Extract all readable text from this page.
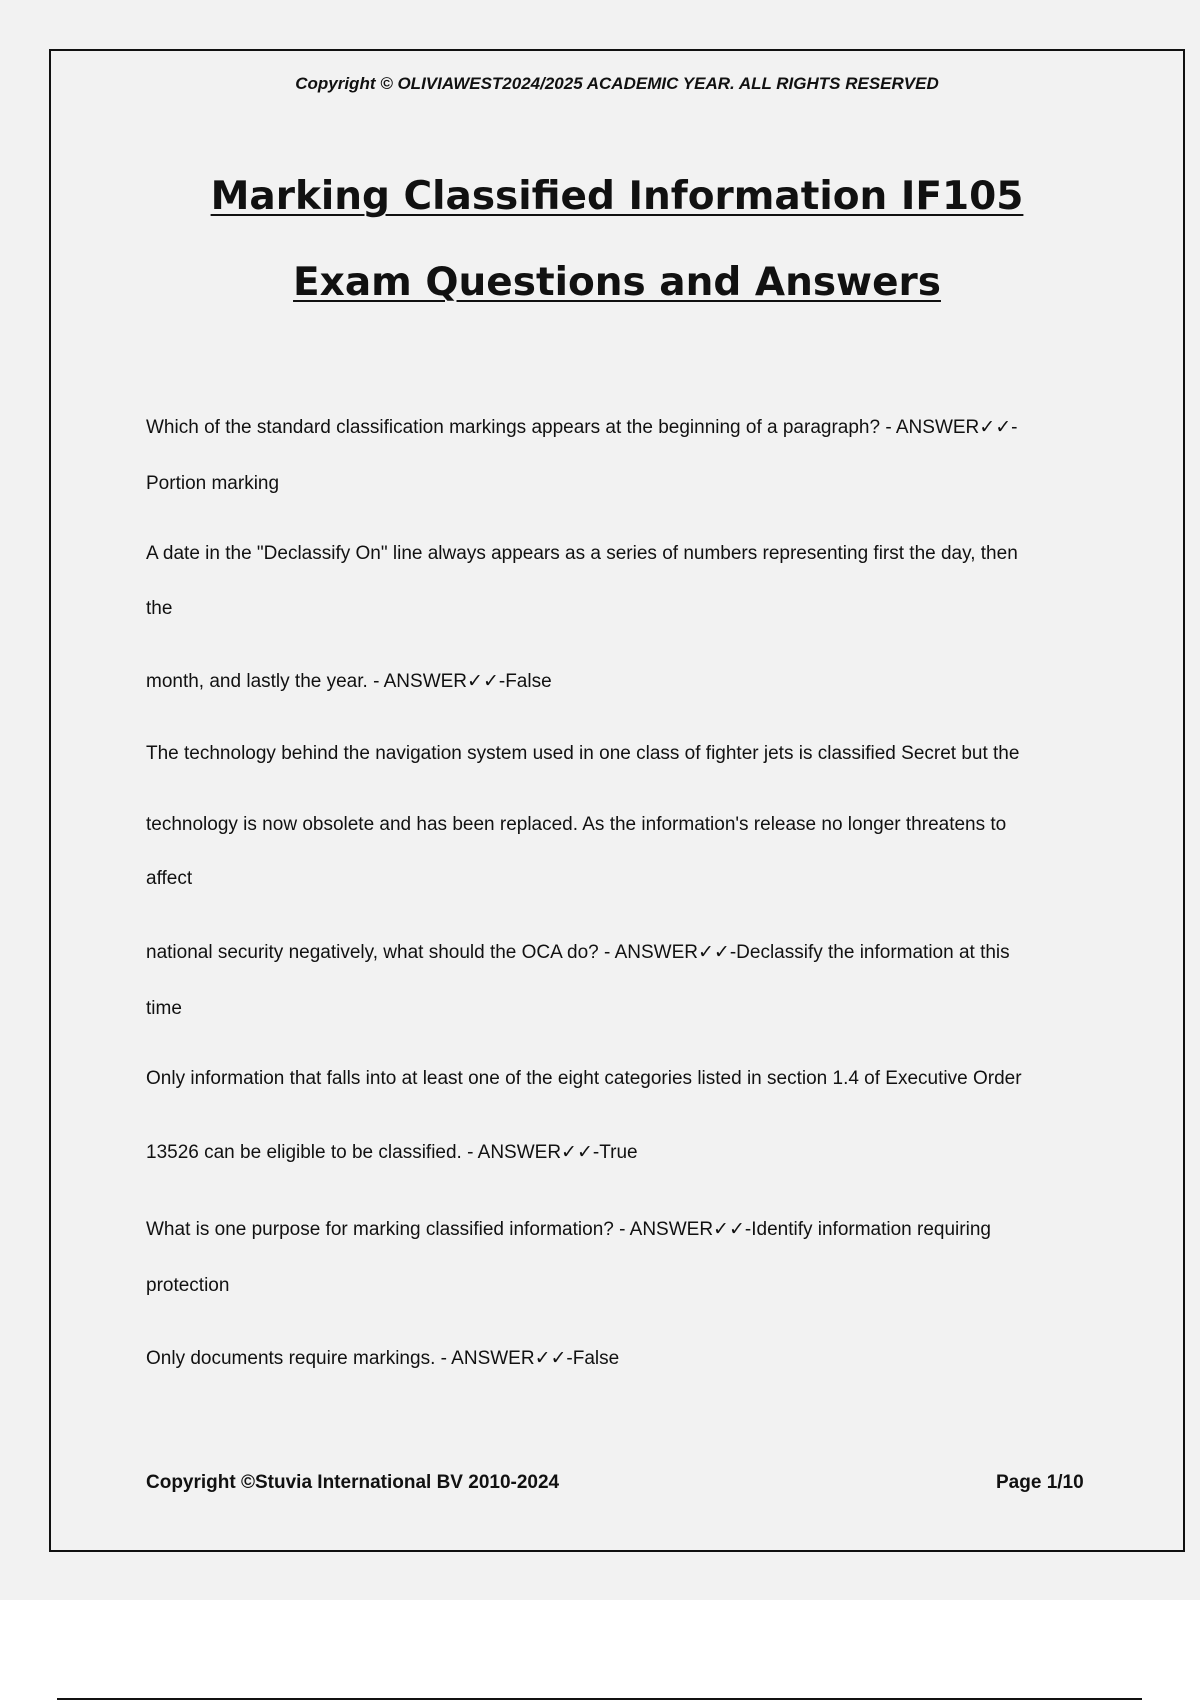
Copyright © OLIVIAWEST2024/2025 ACADEMIC YEAR. ALL RIGHTS RESERVED
Marking Classified Information IF105
Exam Questions and Answers
Which of the standard classification markings appears at the beginning of a paragraph? - ANSWER✓✓-
Portion marking
A date in the "Declassify On" line always appears as a series of numbers representing first the day, then
the
month, and lastly the year. - ANSWER✓✓-False
The technology behind the navigation system used in one class of fighter jets is classified Secret but the
technology is now obsolete and has been replaced. As the information's release no longer threatens to
affect
national security negatively, what should the OCA do? - ANSWER✓✓-Declassify the information at this
time
Only information that falls into at least one of the eight categories listed in section 1.4 of Executive Order
13526 can be eligible to be classified. - ANSWER✓✓-True
What is one purpose for marking classified information? - ANSWER✓✓-Identify information requiring
protection
Only documents require markings. - ANSWER✓✓-False
Copyright ©Stuvia International BV 2010-2024	Page 1/10
